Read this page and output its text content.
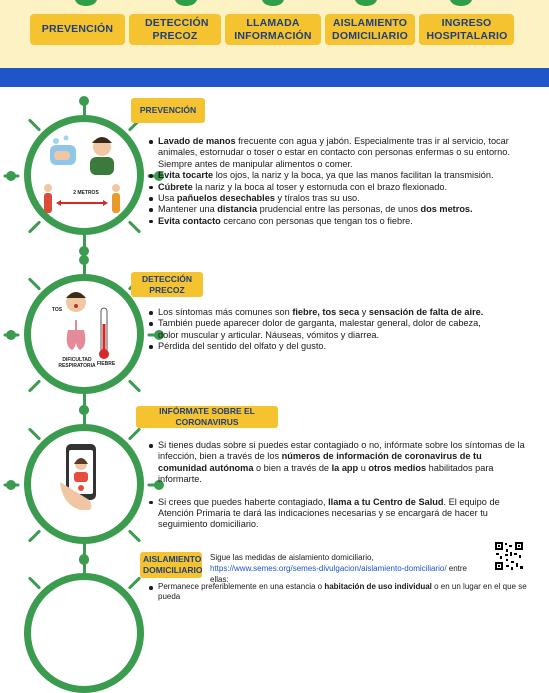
PREVENCIÓN
DETECCIÓN PRECOZ
LLAMADA INFORMACIÓN
AISLAMIENTO DOMICILIARIO
INGRESO HOSPITALARIO
2 METROS
PREVENCIÓN
Lavado de manos frecuente con agua y jabón. Especialmente tras ir al servicio, tocar animales, estornudar o toser o estar en contacto con personas enfermas o su entorno. Siempre antes de manipular alimentos o comer.
Evita tocarte los ojos, la nariz y la boca, ya que las manos facilitan la transmisión.
Cúbrete la nariz y la boca al toser y estornuda con el brazo flexionado.
Usa pañuelos desechables y tíralos tras su uso.
Mantener una distancia prudencial entre las personas, de unos dos metros.
Evita contacto cercano con personas que tengan tos o fiebre.
TOS
DIFICULTAD RESPIRATORIA FIEBRE
DETECCIÓN PRECOZ
Los síntomas más comunes son fiebre, tos seca y sensación de falta de aire.
También puede aparecer dolor de garganta, malestar general, dolor de cabeza, dolor muscular y articular. Náuseas, vómitos y diarrea.
Pérdida del sentido del olfato y del gusto.
INFÓRMATE SOBRE EL CORONAVIRUS
Si tienes dudas sobre si puedes estar contagiado o no, infórmate sobre los síntomas de la infección, bien a través de los números de información de coronavirus de tu comunidad autónoma o bien a través de la app u otros medios habilitados para informarte.
Si crees que puedes haberte contagiado, llama a tu Centro de Salud. El equipo de Atención Primaria te dará las indicaciones necesarias y se encargará de hacer tu seguimiento domiciliario.
AISLAMIENTO DOMICILIARIO
Sigue las medidas de aislamiento domiciliario,
https://www.semes.org/semes-divulgacion/aislamiento-domiciliario/ entre ellas:
Permanece preferiblemente en una estancia o habitación de uso individual o en un lugar en el que se pueda
